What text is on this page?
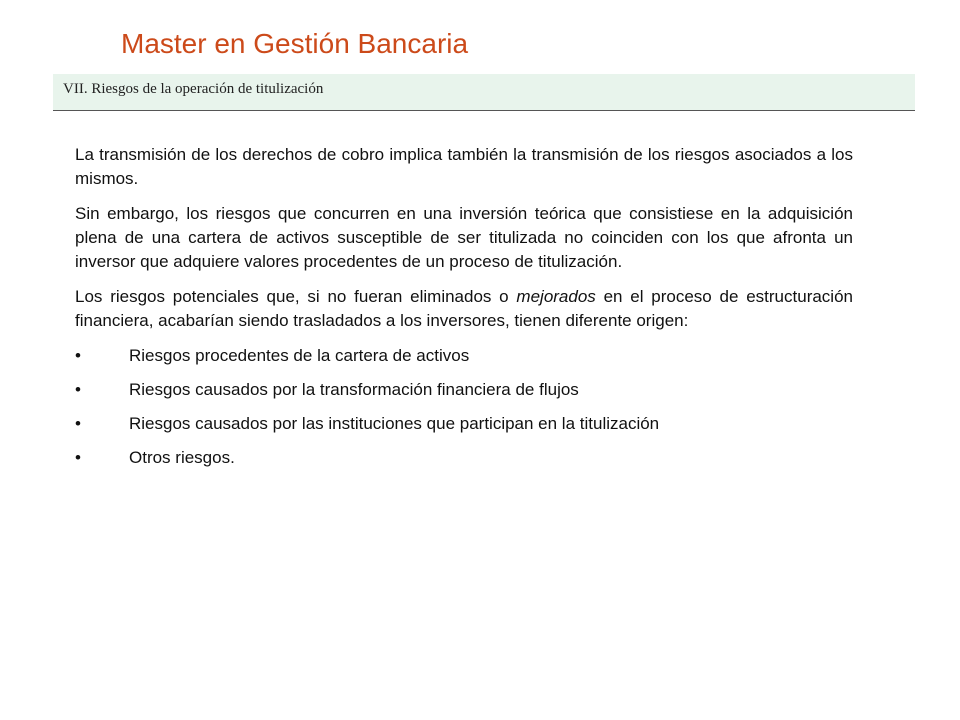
Master en Gestión Bancaria
VII. Riesgos de la operación de titulización

La transmisión de los derechos de cobro implica también la transmisión de los riesgos asociados a los mismos.

Sin embargo, los riesgos que concurren en una inversión teórica que consistiese en la adquisición plena de una cartera de activos susceptible de ser titulizada no coinciden con los que afronta un inversor que adquiere valores procedentes de un proceso de titulización.

Los riesgos potenciales que, si no fueran eliminados o mejorados en el proceso de estructuración financiera, acabarían siendo trasladados a los inversores, tienen diferente origen:

•	Riesgos procedentes de la cartera de activos
•	Riesgos causados por la transformación financiera de flujos
•	Riesgos causados por las instituciones que participan en la titulización
•	Otros riesgos.
